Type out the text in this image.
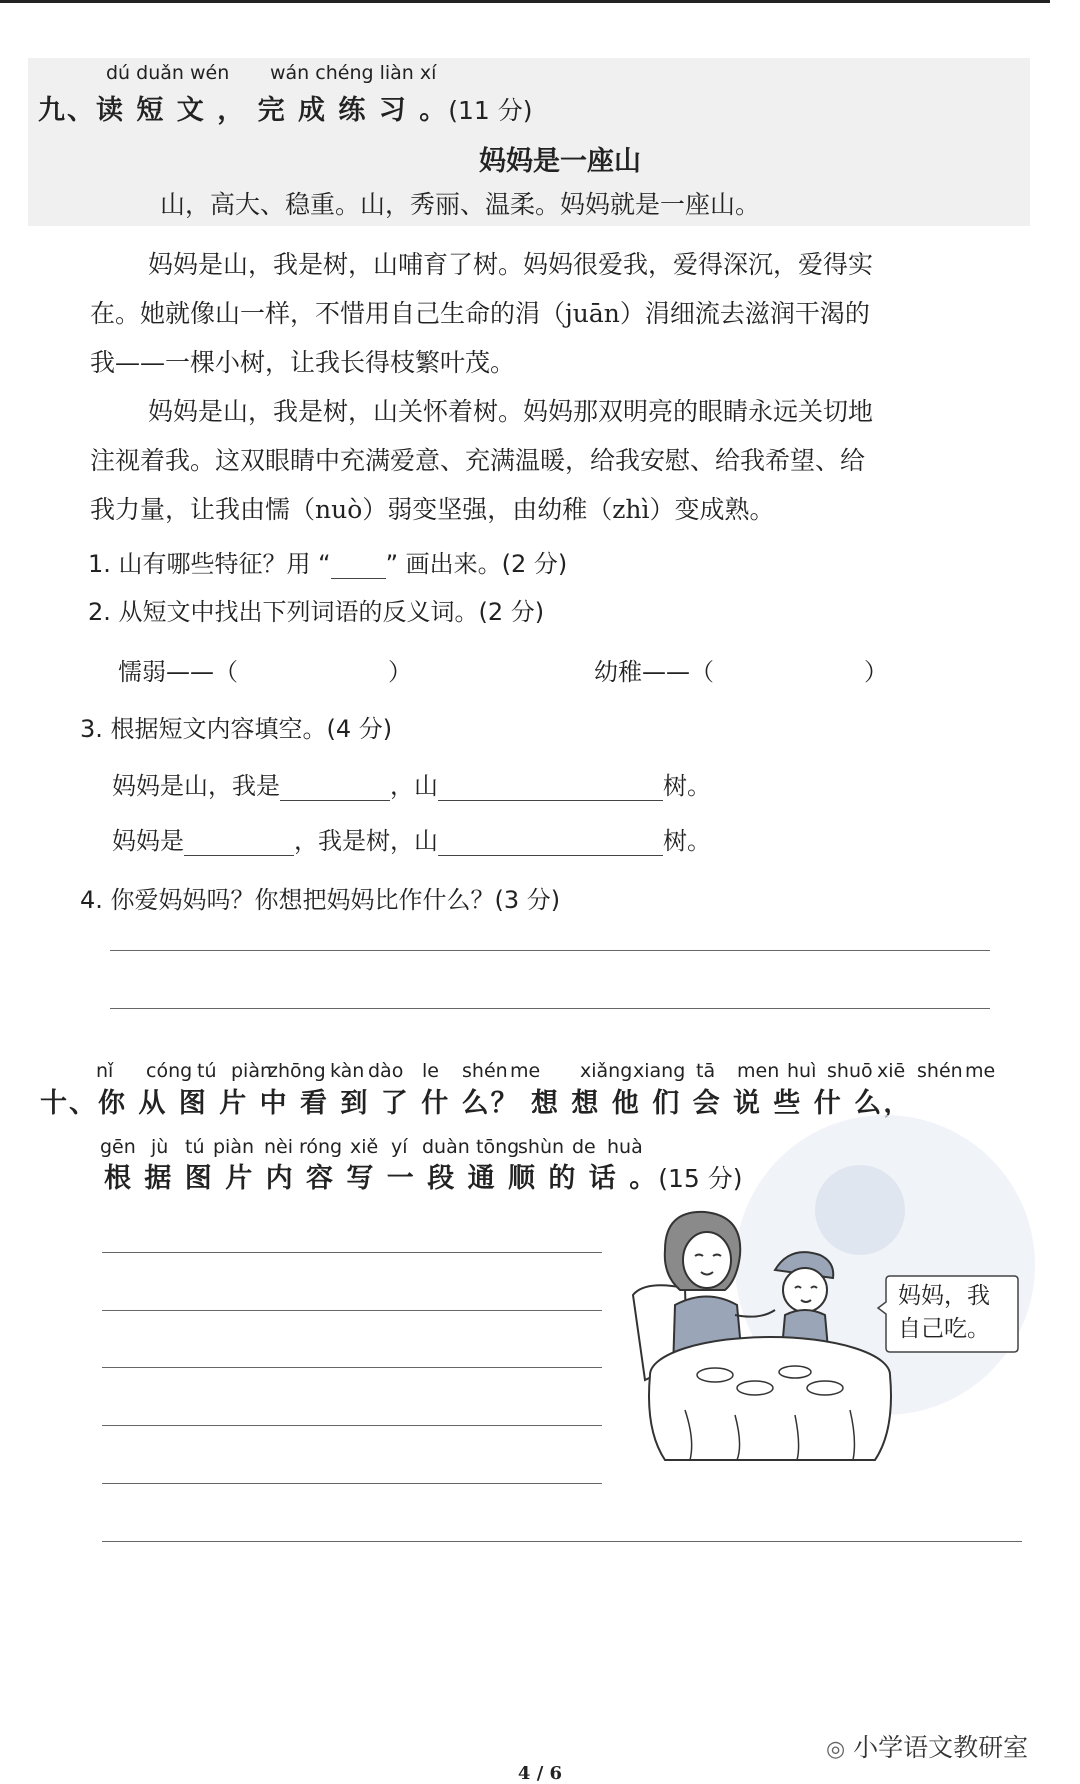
dú duǎn wén wán chéng liàn xí
九、读 短 文 ， 完 成 练 习 。(11 分)
妈妈是一座山
山，高大、稳重。山，秀丽、温柔。妈妈就是一座山。
妈妈是山，我是树，山哺育了树。妈妈很爱我，爱得深沉，爱得实
在。她就像山一样，不惜用自己生命的涓（juān）涓细流去滋润干渴的
我——一棵小树，让我长得枝繁叶茂。
妈妈是山，我是树，山关怀着树。妈妈那双明亮的眼睛永远关切地
注视着我。这双眼睛中充满爱意、充满温暖，给我安慰、给我希望、给
我力量，让我由懦（nuò）弱变坚强，由幼稚（zhì）变成熟。
1. 山有哪些特征？用 “ ” 画出来。(2 分)
2. 从短文中找出下列词语的反义词。(2 分)
懦弱——（	）	幼稚——（	）
3. 根据短文内容填空。(4 分)
妈妈是山，我是	，山	树。
妈妈是	，我是树，山	树。
4. 你爱妈妈吗？你想把妈妈比作什么？(3 分)
nǐ cóng tú piàn
zhōng kàn dào le shén me xiǎng xiang tā men huì shuō xiē shén me
十、你 从 图 片 中 看 到 了 什 么？ 想 想 他 们 会 说 些 什 么，
gēn jù tú piàn nèi róng xiě yí duàn tōng
shùn de huà
根 据 图 片 内 容 写 一 段 通 顺 的 话 。(15 分)
妈妈，我自己吃。
◎ 小学语文教研室
4 / 6
